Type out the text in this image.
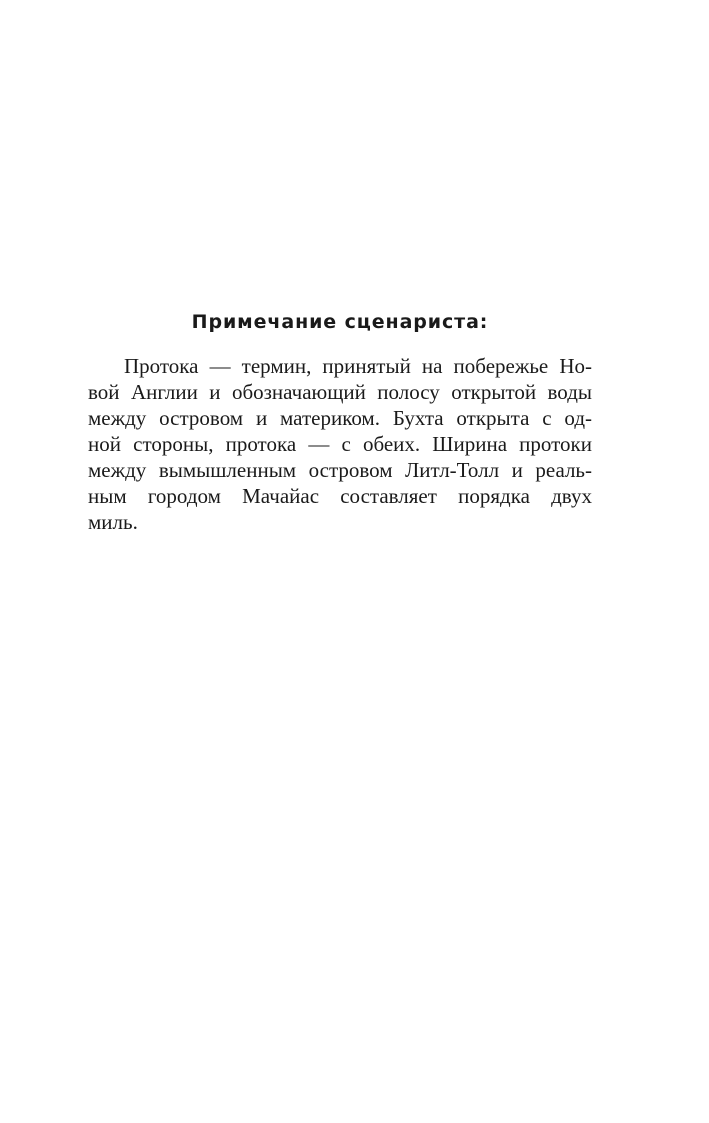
Примечание сценариста:

Протока — термин, принятый на побережье Но-
вой Англии и обозначающий полосу открытой воды
между островом и материком. Бухта открыта с од-
ной стороны, протока — с обеих. Ширина протоки
между вымышленным островом Литл-Толл и реаль-
ным городом Мачайас составляет порядка двух
миль.
